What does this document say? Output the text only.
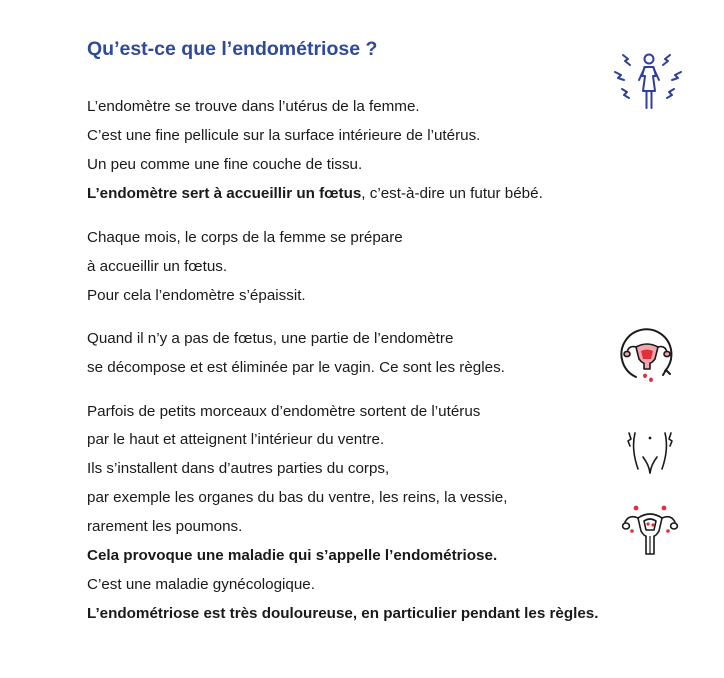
Qu’est-ce que l’endométriose ?

L’endomètre se trouve dans l’utérus de la femme.

C’est une fine pellicule sur la surface intérieure de l’utérus.

Un peu comme une fine couche de tissu.

L’endomètre sert à accueillir un fœtus, c’est-à-dire un futur bébé.

Chaque mois, le corps de la femme se prépare

à accueillir un fœtus.

Pour cela l’endomètre s’épaissit.

Quand il n’y a pas de fœtus, une partie de l’endomètre

se décompose et est éliminée par le vagin. Ce sont les règles.

Parfois de petits morceaux d’endomètre sortent de l’utérus

par le haut et atteignent l’intérieur du ventre.

Ils s’installent dans d’autres parties du corps,

par exemple les organes du bas du ventre, les reins, la vessie,

rarement les poumons.

Cela provoque une maladie qui s’appelle l’endométriose.

C’est une maladie gynécologique.

L’endométriose est très douloureuse, en particulier pendant les règles.
